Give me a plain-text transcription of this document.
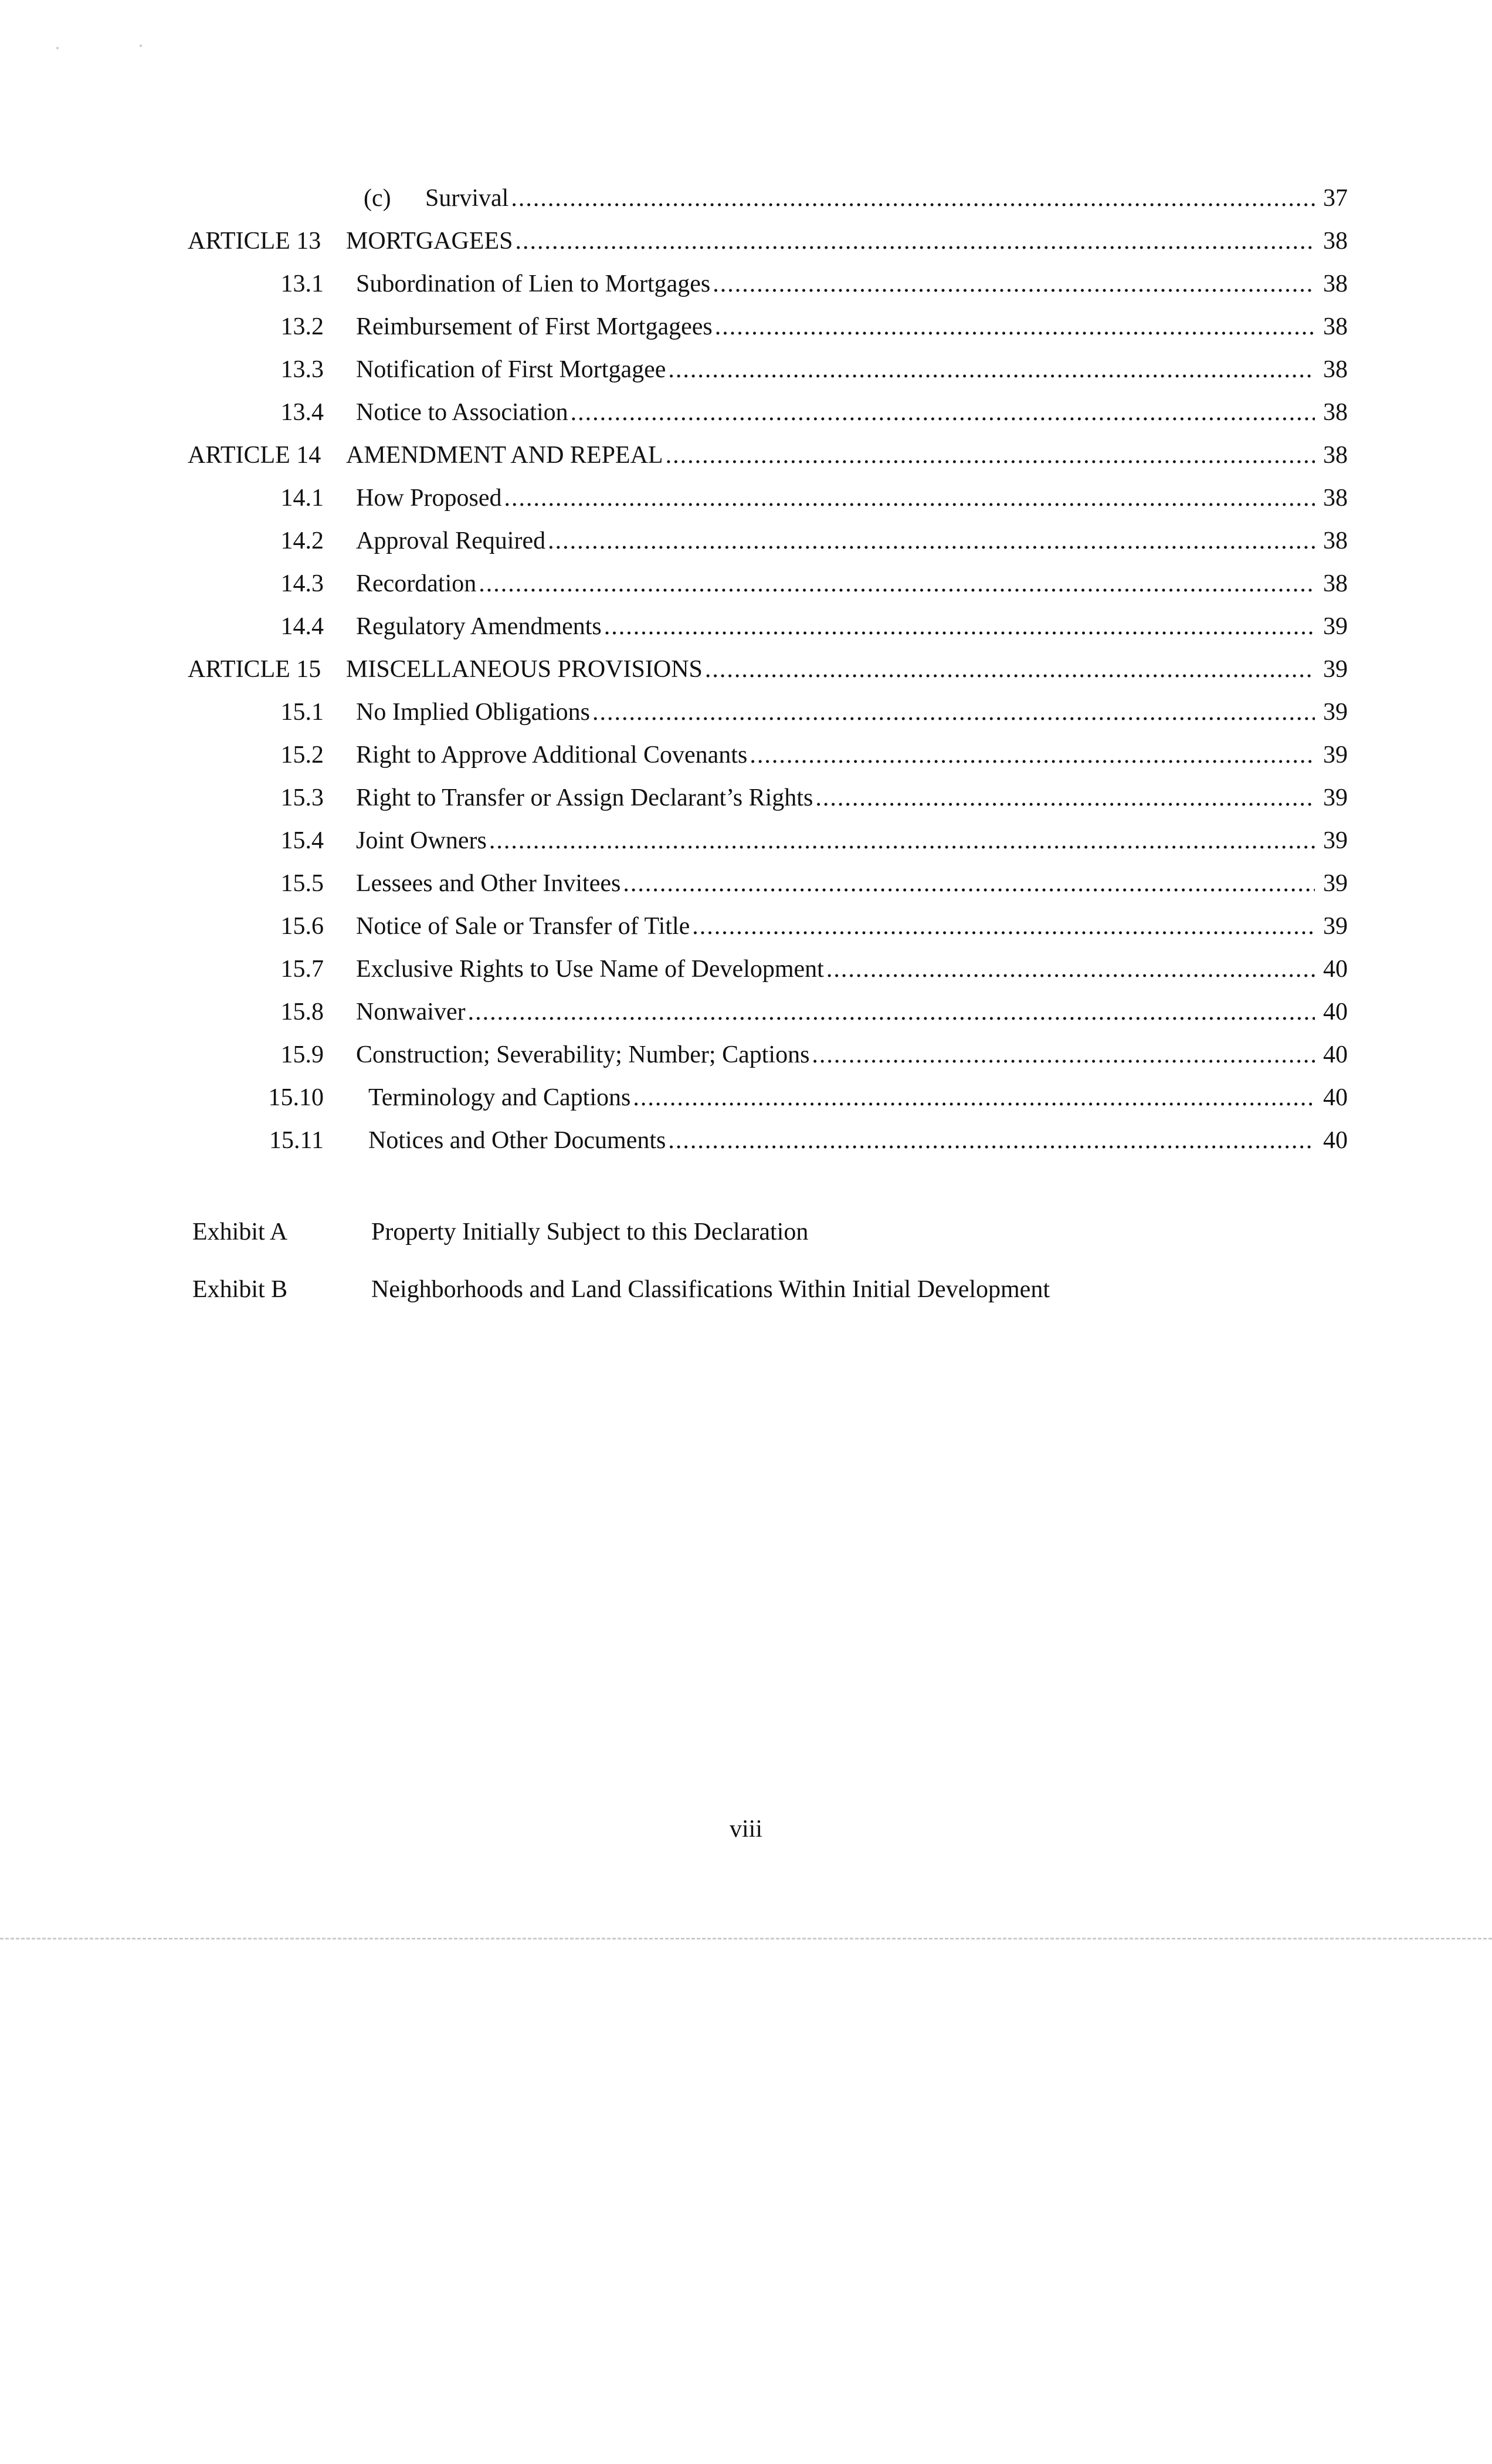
(c)	Survival .....	37
ARTICLE 13	MORTGAGEES .....	38
13.1 Subordination of Lien to Mortgages .....	38
13.2 Reimbursement of First Mortgagees .....	38
13.3 Notification of First Mortgagee .....	38
13.4 Notice to Association .....	38
ARTICLE 14	AMENDMENT AND REPEAL .....	38
14.1 How Proposed .....	38
14.2 Approval Required .....	38
14.3 Recordation .....	38
14.4 Regulatory Amendments .....	39
ARTICLE 15	MISCELLANEOUS PROVISIONS .....	39
15.1 No Implied Obligations .....	39
15.2 Right to Approve Additional Covenants .....	39
15.3 Right to Transfer or Assign Declarant’s Rights .....	39
15.4 Joint Owners .....	39
15.5 Lessees and Other Invitees .....	39
15.6 Notice of Sale or Transfer of Title .....	39
15.7 Exclusive Rights to Use Name of Development .....	40
15.8 Nonwaiver .....	40
15.9 Construction; Severability; Number; Captions .....	40
15.10 Terminology and Captions .....	40
15.11 Notices and Other Documents .....	40
Exhibit A	Property Initially Subject to this Declaration
Exhibit B	Neighborhoods and Land Classifications Within Initial Development
viii
